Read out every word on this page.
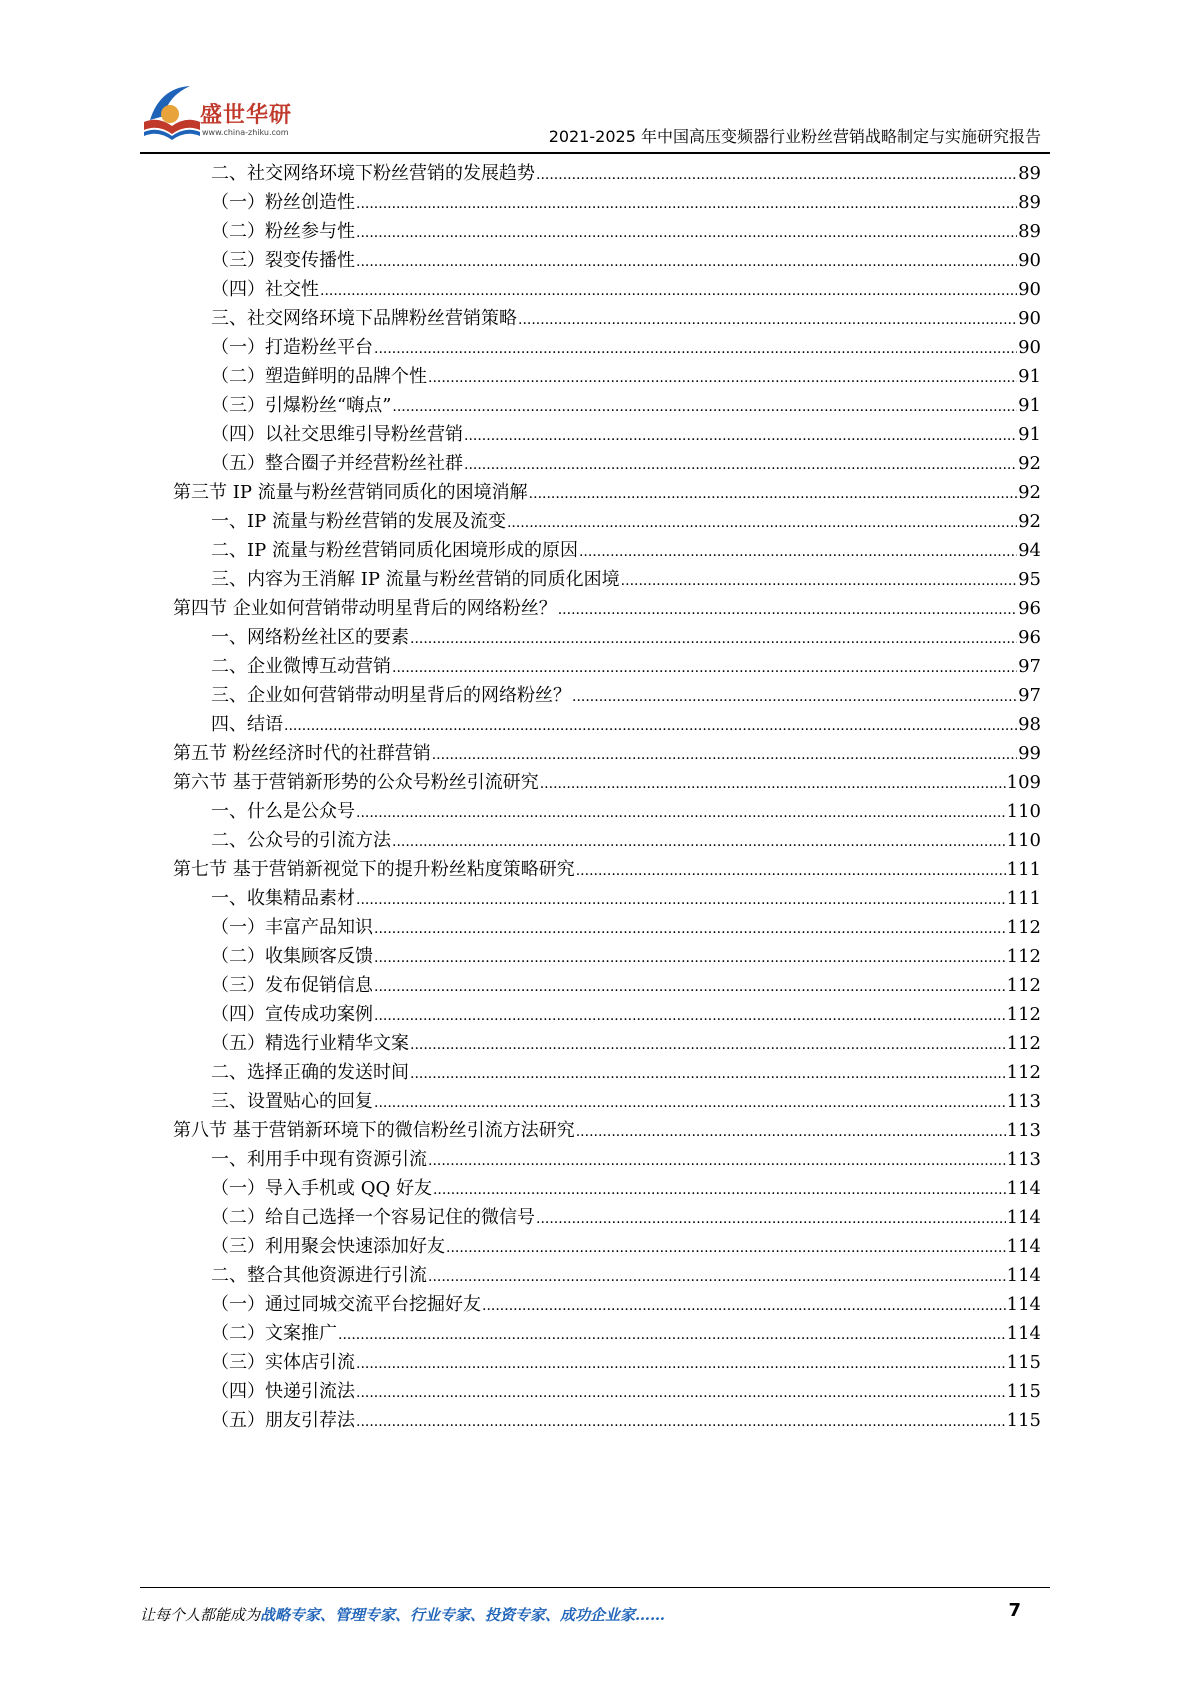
盛世华研
www.china-zhiku.com	2021-2025 年中国高压变频器行业粉丝营销战略制定与实施研究报告
二、社交网络环境下粉丝营销的发展趋势 .....	89
（一）粉丝创造性 .....	89
（二）粉丝参与性 .....	89
（三）裂变传播性 .....	90
（四）社交性 .....	90
三、社交网络环境下品牌粉丝营销策略 .....	90
（一）打造粉丝平台 .....	90
（二）塑造鲜明的品牌个性 .....	91
（三）引爆粉丝“嗨点” .....	91
（四）以社交思维引导粉丝营销 .....	91
（五）整合圈子并经营粉丝社群 .....	92
第三节 IP 流量与粉丝营销同质化的困境消解 .....	92
一、IP 流量与粉丝营销的发展及流变 .....	92
二、IP 流量与粉丝营销同质化困境形成的原因 .....	94
三、内容为王消解 IP 流量与粉丝营销的同质化困境 .....	95
第四节 企业如何营销带动明星背后的网络粉丝？ .....	96
一、网络粉丝社区的要素 .....	96
二、企业微博互动营销 .....	97
三、企业如何营销带动明星背后的网络粉丝？ .....	97
四、结语 .....	98
第五节 粉丝经济时代的社群营销 .....	99
第六节 基于营销新形势的公众号粉丝引流研究 .....	109
一、什么是公众号 .....	110
二、公众号的引流方法 .....	110
第七节 基于营销新视觉下的提升粉丝粘度策略研究 .....	111
一、收集精品素材 .....	111
（一）丰富产品知识 .....	112
（二）收集顾客反馈 .....	112
（三）发布促销信息 .....	112
（四）宣传成功案例 .....	112
（五）精选行业精华文案 .....	112
二、选择正确的发送时间 .....	112
三、设置贴心的回复 .....	113
第八节 基于营销新环境下的微信粉丝引流方法研究 .....	113
一、利用手中现有资源引流 .....	113
（一）导入手机或 QQ 好友 .....	114
（二）给自己选择一个容易记住的微信号 .....	114
（三）利用聚会快速添加好友 .....	114
二、整合其他资源进行引流 .....	114
（一）通过同城交流平台挖掘好友 .....	114
（二）文案推广 .....	114
（三）实体店引流 .....	115
（四）快递引流法 .....	115
（五）朋友引荐法 .....	115
让每个人都能成为战略专家、管理专家、行业专家、投资专家、成功企业家……	7
